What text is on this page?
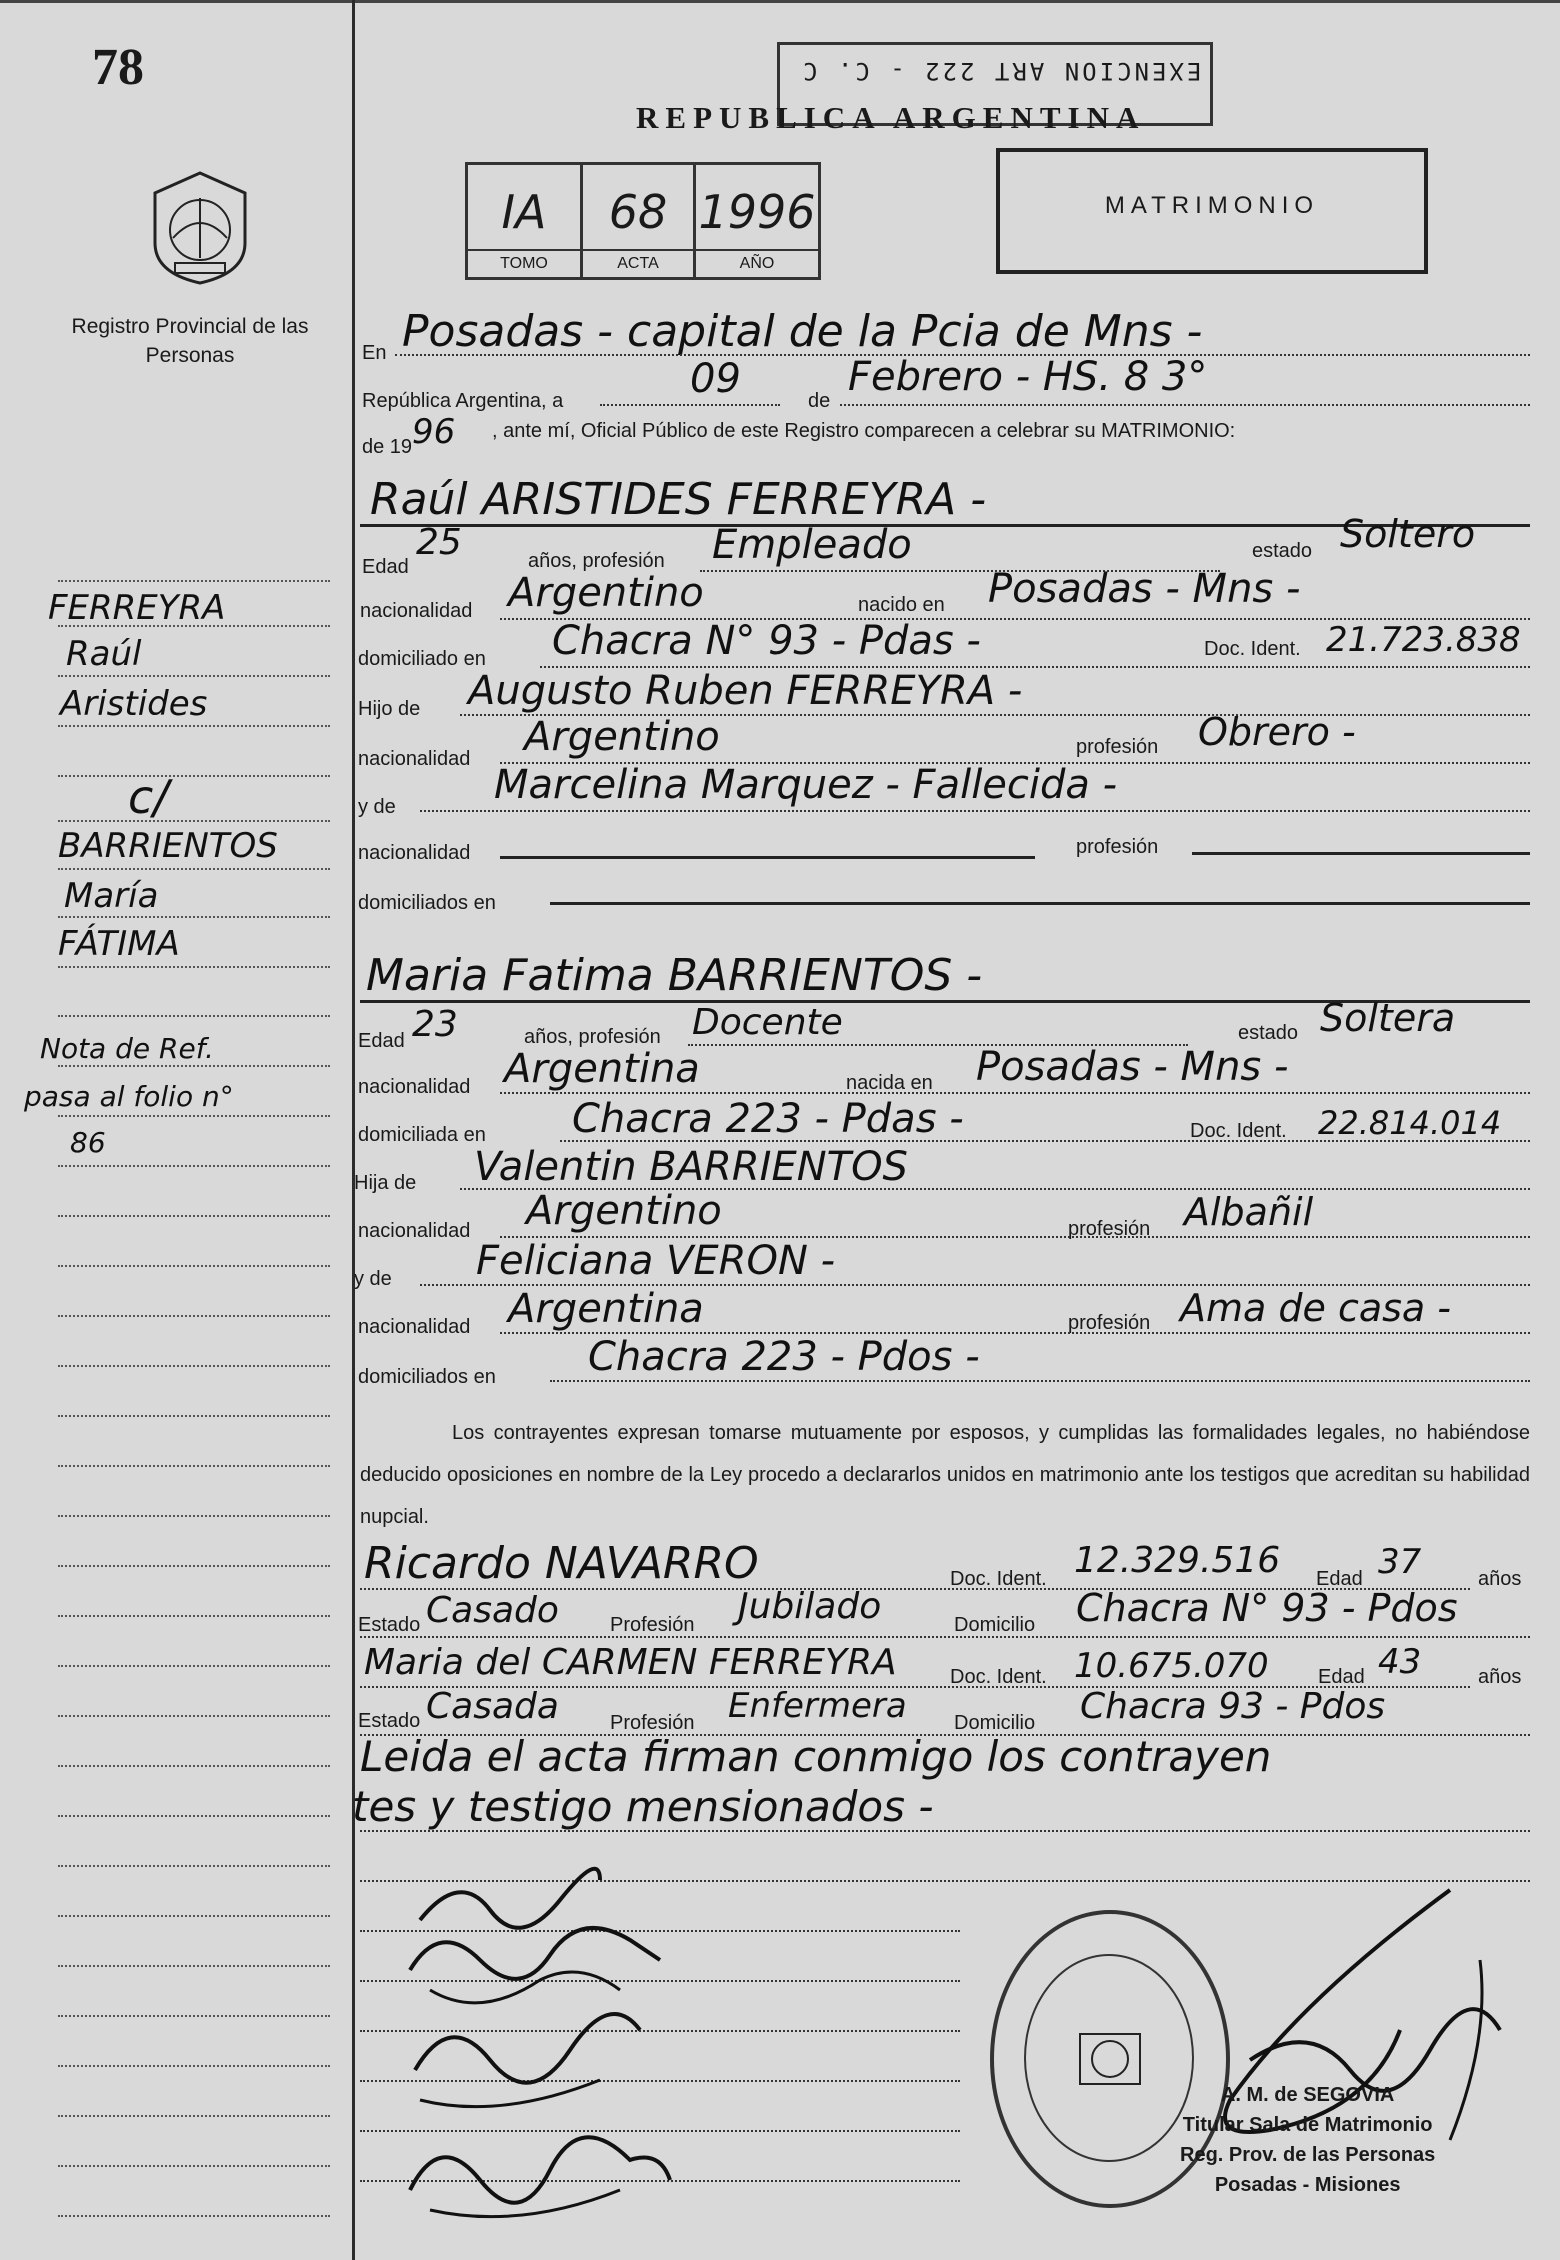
78
Registro Provincial de las Personas
FERREYRA
Raúl
Aristides
c/
BARRIENTOS
María
FÁTIMA
Nota de Ref.
pasa al folio n°
86
EXENCION ART 222 - C. C
REPUBLICA ARGENTINA
IA
TOMO
68
ACTA
1996
AÑO
MATRIMONIO
En Posadas - capital de la Pcia de Mns -
República Argentina, a	09	de
Febrero - HS. 8 3°
de 19 96 , ante mí, Oficial Público de este Registro comparecen a celebrar su MATRIMONIO:
Raúl ARISTIDES FERREYRA -
Edad
25	años, profesión Empleado	estado Soltero
nacionalidad Argentino	nacido en Posadas - Mns -
domiciliado en Chacra N° 93 - Pdas -	Doc. Ident. 21.723.838
Hijo de Augusto Ruben FERREYRA -
nacionalidad Argentino	profesión Obrero -
y de Marcelina Marquez - Fallecida -
nacionalidad	profesión
domiciliados en
Maria Fatima BARRIENTOS -
Edad 23	años, profesión Docente	estado Soltera
nacionalidad Argentina	nacida en Posadas - Mns -
domiciliada en Chacra 223 - Pdas -	Doc. Ident. 22.814.014
Hija de Valentin BARRIENTOS
nacionalidad Argentino	profesión Albañil
y de Feliciana VERON -
nacionalidad Argentina	profesión Ama de casa -
domiciliados en Chacra 223 - Pdos -
Los contrayentes expresan tomarse mutuamente por esposos, y cumplidas las formalidades legales, no habiéndose deducido oposiciones en nombre de la Ley procedo a declararlos unidos en matrimonio ante los testigos que acreditan su habilidad nupcial.
Ricardo NAVARRO	Doc. Ident. 12.329.516 Edad 37	años
Estado Casado	Profesión Jubilado	Domicilio Chacra N° 93 - Pdos
Maria del CARMEN FERREYRA	Doc. Ident. 10.675.070 Edad 43	años
Estado Casada	Profesión Enfermera Domicilio Chacra 93 - Pdos
Leida el acta firman conmigo los contrayen
tes y testigo mensionados -
A. M. de SEGOVIA
Titular Sala de Matrimonio
Reg. Prov. de las Personas
Posadas - Misiones
